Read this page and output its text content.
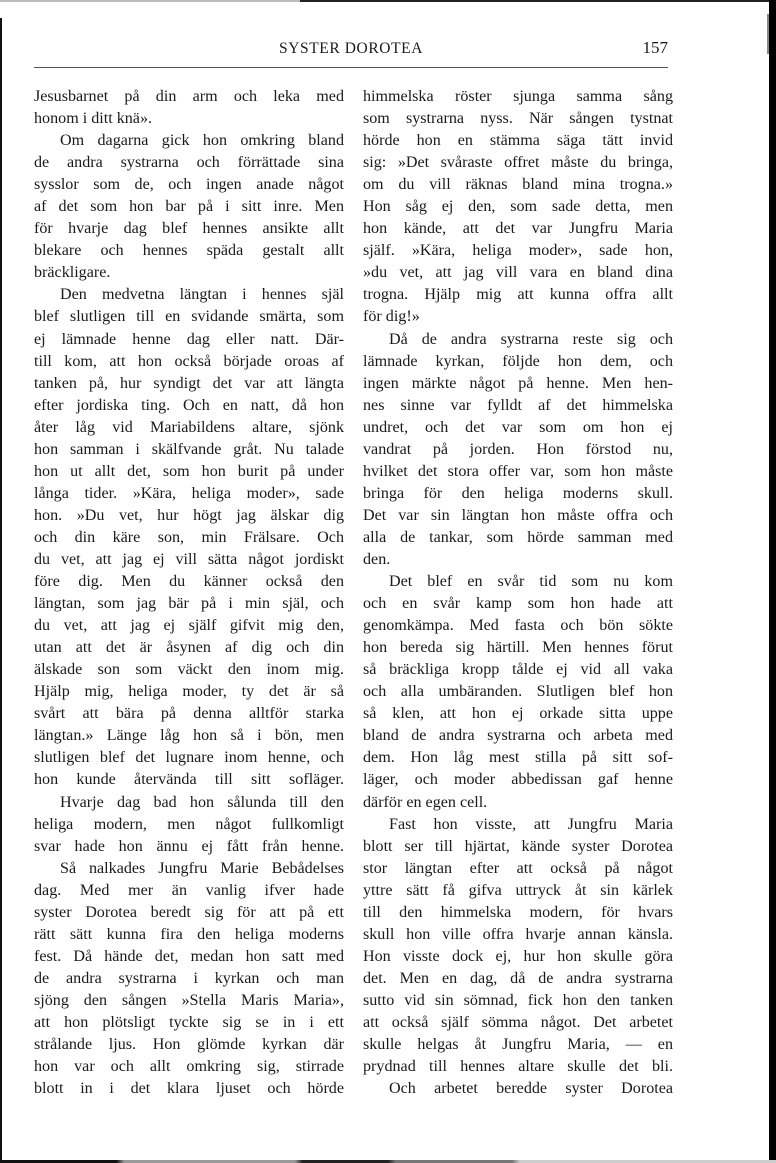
SYSTER DOROTEA	157
Jesusbarnet på din arm och leka med
honom i ditt knä».
Om dagarna gick hon omkring bland
de andra systrarna och förrättade sina
sysslor som de, och ingen anade något
af det som hon bar på i sitt inre. Men
för hvarje dag blef hennes ansikte allt
blekare och hennes späda gestalt allt
bräckligare.
Den medvetna längtan i hennes själ
blef slutligen till en svidande smärta, som
ej lämnade henne dag eller natt. Där-
till kom, att hon också började oroas af
tanken på, hur syndigt det var att längta
efter jordiska ting. Och en natt, då hon
åter låg vid Mariabildens altare, sjönk
hon samman i skälfvande gråt. Nu talade
hon ut allt det, som hon burit på under
långa tider. »Kära, heliga moder», sade
hon. »Du vet, hur högt jag älskar dig
och din käre son, min Frälsare. Och
du vet, att jag ej vill sätta något jordiskt
före dig. Men du känner också den
längtan, som jag bär på i min själ, och
du vet, att jag ej själf gifvit mig den,
utan att det är åsynen af dig och din
älskade son som väckt den inom mig.
Hjälp mig, heliga moder, ty det är så
svårt att bära på denna alltför starka
längtan.» Länge låg hon så i bön, men
slutligen blef det lugnare inom henne, och
hon kunde återvända till sitt sofläger.
Hvarje dag bad hon sålunda till den
heliga modern, men något fullkomligt
svar hade hon ännu ej fått från henne.
Så nalkades Jungfru Marie Bebådelses
dag. Med mer än vanlig ifver hade
syster Dorotea beredt sig för att på ett
rätt sätt kunna fira den heliga moderns
fest. Då hände det, medan hon satt med
de andra systrarna i kyrkan och man
sjöng den sången »Stella Maris Maria»,
att hon plötsligt tyckte sig se in i ett
strålande ljus. Hon glömde kyrkan där
hon var och allt omkring sig, stirrade
blott in i det klara ljuset och hörde
himmelska röster sjunga samma sång
som systrarna nyss. När sången tystnat
hörde hon en stämma säga tätt invid
sig: »Det svåraste offret måste du bringa,
om du vill räknas bland mina trogna.»
Hon såg ej den, som sade detta, men
hon kände, att det var Jungfru Maria
själf. »Kära, heliga moder», sade hon,
»du vet, att jag vill vara en bland dina
trogna. Hjälp mig att kunna offra allt
för dig!»
Då de andra systrarna reste sig och
lämnade kyrkan, följde hon dem, och
ingen märkte något på henne. Men hen-
nes sinne var fylldt af det himmelska
undret, och det var som om hon ej
vandrat på jorden. Hon förstod nu,
hvilket det stora offer var, som hon måste
bringa för den heliga moderns skull.
Det var sin längtan hon måste offra och
alla de tankar, som hörde samman med
den.
Det blef en svår tid som nu kom
och en svår kamp som hon hade att
genomkämpa. Med fasta och bön sökte
hon bereda sig härtill. Men hennes förut
så bräckliga kropp tålde ej vid all vaka
och alla umbäranden. Slutligen blef hon
så klen, att hon ej orkade sitta uppe
bland de andra systrarna och arbeta med
dem. Hon låg mest stilla på sitt sof-
läger, och moder abbedissan gaf henne
därför en egen cell.
Fast hon visste, att Jungfru Maria
blott ser till hjärtat, kände syster Dorotea
stor längtan efter att också på något
yttre sätt få gifva uttryck åt sin kärlek
till den himmelska modern, för hvars
skull hon ville offra hvarje annan känsla.
Hon visste dock ej, hur hon skulle göra
det. Men en dag, då de andra systrarna
sutto vid sin sömnad, fick hon den tanken
att också själf sömma något. Det arbetet
skulle helgas åt Jungfru Maria, — en
prydnad till hennes altare skulle det bli.
Och arbetet beredde syster Dorotea
